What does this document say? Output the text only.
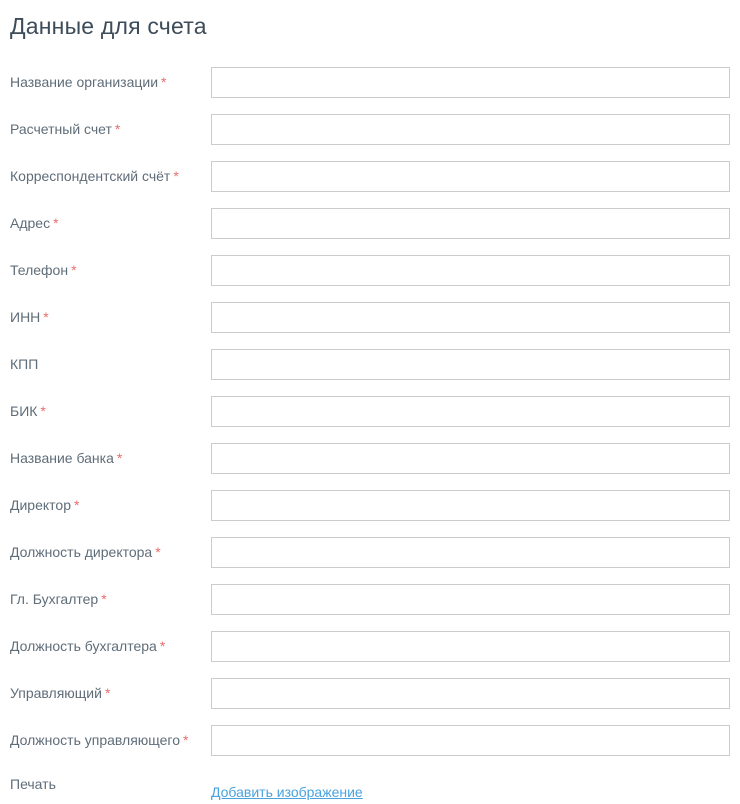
Данные для счета
Название организации *
Расчетный счет *
Корреспондентский счёт *
Адрес *
Телефон *
ИНН *
КПП
БИК *
Название банка *
Директор *
Должность директора *
Гл. Бухгалтер *
Должность бухгалтера *
Управляющий *
Должность управляющего *
Печать	Добавить изображение
